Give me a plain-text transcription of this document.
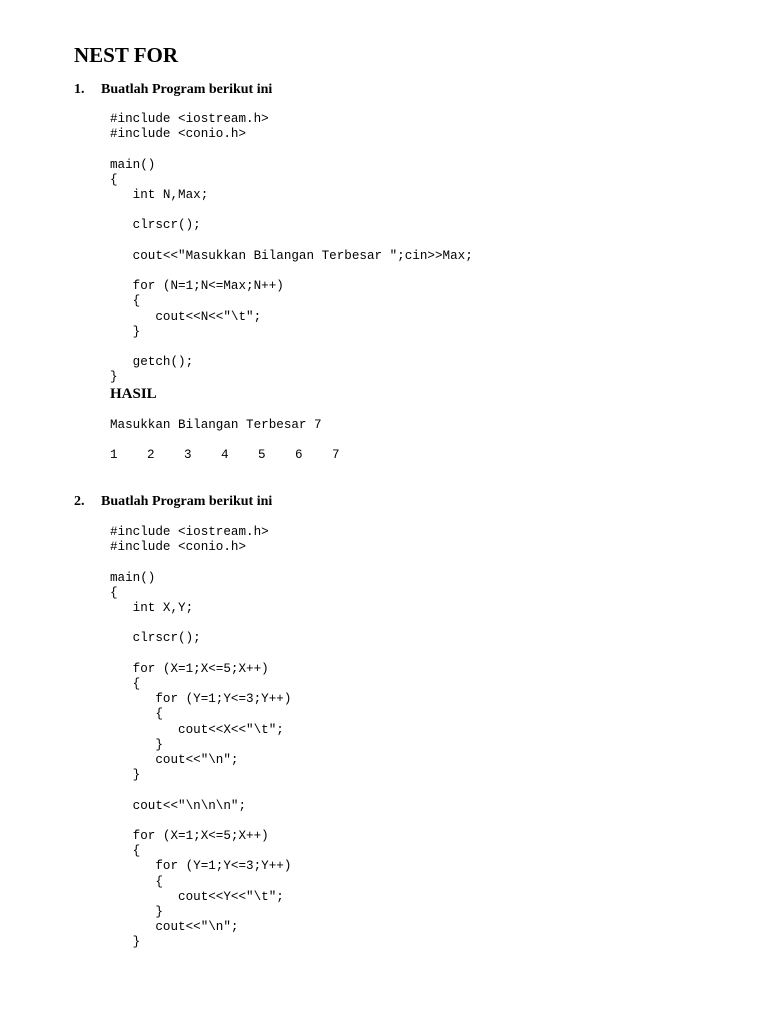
NEST FOR
1. Buatlah Program berikut ini
#include <iostream.h>
#include <conio.h>

main()
{
int N,Max;

clrscr();

cout<<"Masukkan Bilangan Terbesar ";cin>>Max;

for (N=1;N<=Max;N++)
{
cout<<N<<"\t";
}

getch();
}
HASIL
Masukkan Bilangan Terbesar 7
1 2 3 4 5 6 7
2. Buatlah Program berikut ini
#include <iostream.h>
#include <conio.h>

main()
{
int X,Y;

clrscr();

for (X=1;X<=5;X++)
{
for (Y=1;Y<=3;Y++)
{
cout<<X<<"\t";
}
cout<<"\n";
}

cout<<"\n\n\n";

for (X=1;X<=5;X++)
{
for (Y=1;Y<=3;Y++)
{
cout<<Y<<"\t";
}
cout<<"\n";
}
